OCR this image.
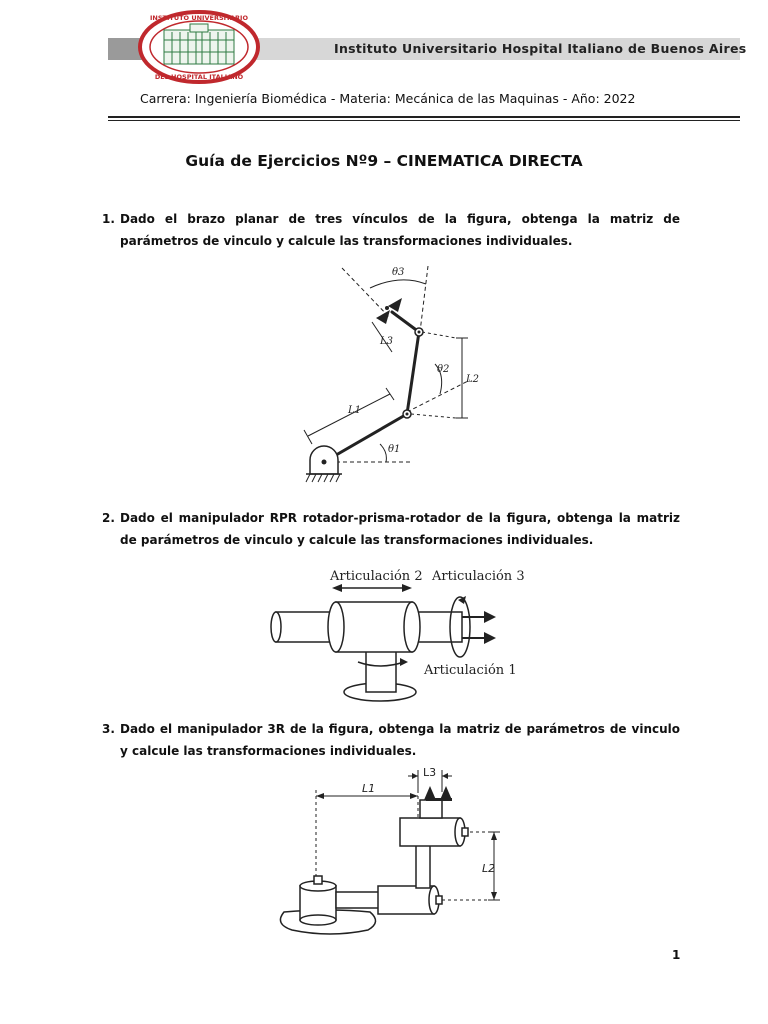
Instituto Universitario Hospital Italiano de Buenos Aires
INSTITUTO UNIVERSITARIO
DEL HOSPITAL ITALIANO
Carrera: Ingeniería Biomédica - Materia: Mecánica de las Maquinas - Año: 2022
Guía de Ejercicios Nº9 – CINEMATICA DIRECTA
1. Dado el brazo planar de tres vínculos de la figura, obtenga la matriz de parámetros de vinculo y calcule las transformaciones individuales.
θ3
θ2
θ1
L3
L2
L1
2. Dado el manipulador RPR rotador-prisma-rotador de la figura, obtenga la matriz de parámetros de vinculo y calcule las transformaciones individuales.
Articulación 2 Articulación 3
Articulación 1
3. Dado el manipulador 3R de la figura, obtenga la matriz de parámetros de vinculo y calcule las transformaciones individuales.
L1
L2
L3
1
